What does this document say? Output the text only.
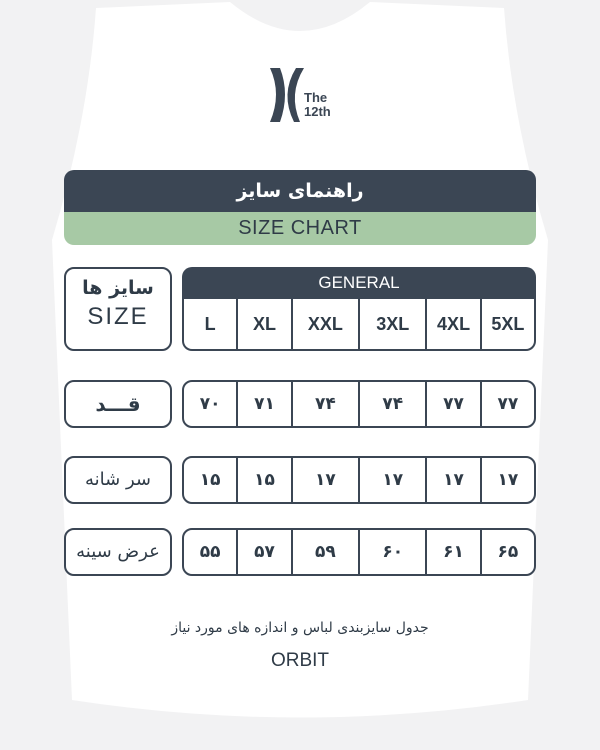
The
12th
راهنمای سایز
SIZE CHART
سایز ها
SIZE
GENERAL
L	XL	XXL	3XL	4XL	5XL
قـــد	۷۰	۷۱	۷۴	۷۴	۷۷	۷۷
سر شانه	۱۵	۱۵	۱۷	۱۷	۱۷	۱۷
عرض سینه	۵۵	۵۷	۵۹	۶۰	۶۱	۶۵
جدول سایزبندی لباس و اندازه های مورد نیاز
ORBIT
